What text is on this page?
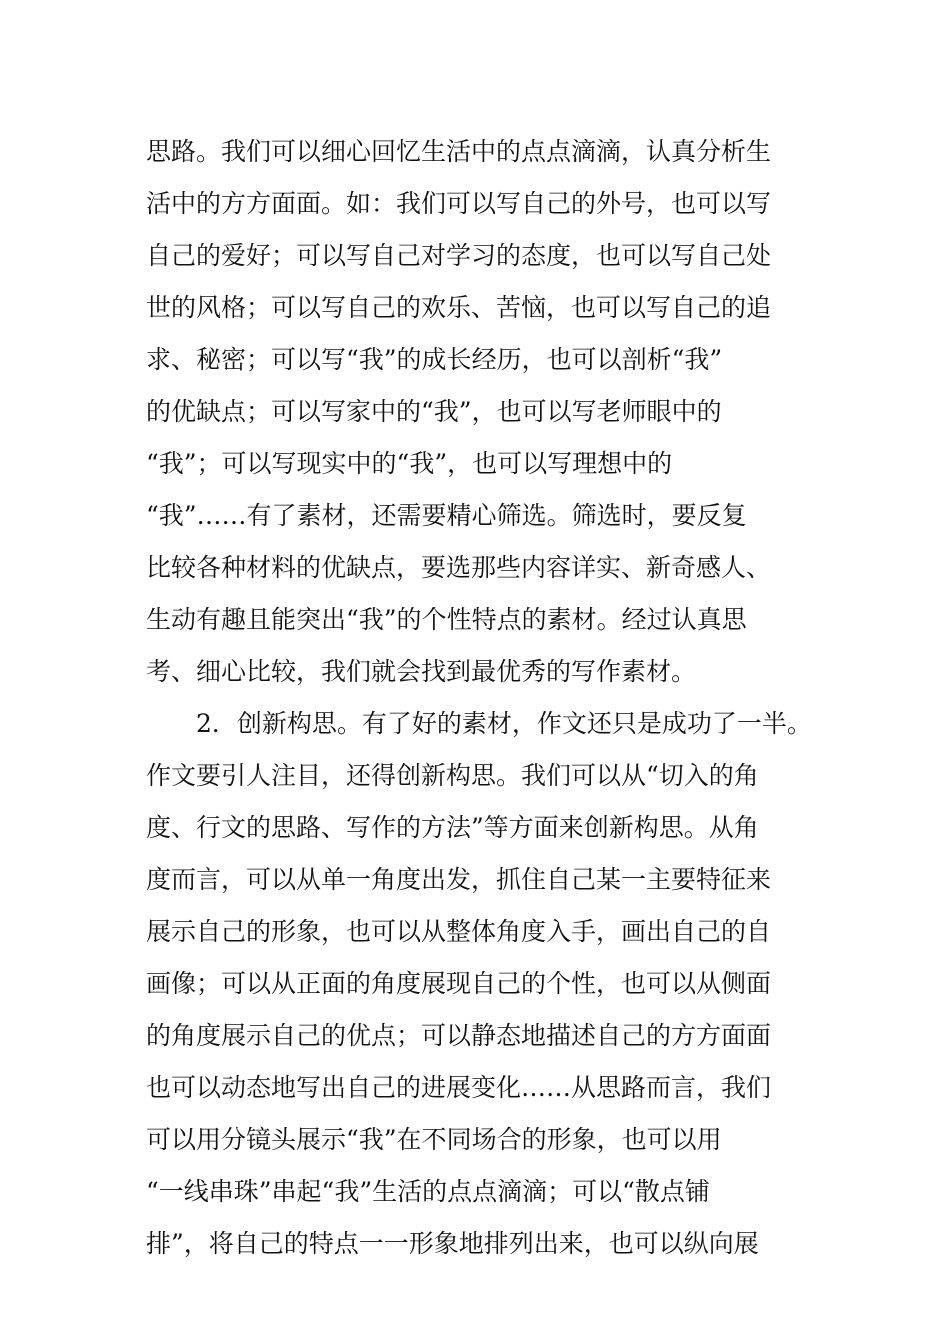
思路。我们可以细心回忆生活中的点点滴滴，认真分析生
活中的方方面面。如：我们可以写自己的外号，也可以写
自己的爱好；可以写自己对学习的态度，也可以写自己处
世的风格；可以写自己的欢乐、苦恼，也可以写自己的追
求、秘密；可以写“我”的成长经历，也可以剖析“我”
的优缺点；可以写家中的“我”，也可以写老师眼中的
“我”；可以写现实中的“我”，也可以写理想中的
“我”……有了素材，还需要精心筛选。筛选时，要反复
比较各种材料的优缺点，要选那些内容详实、新奇感人、
生动有趣且能突出“我”的个性特点的素材。经过认真思
考、细心比较，我们就会找到最优秀的写作素材。
2．创新构思。有了好的素材，作文还只是成功了一半。
作文要引人注目，还得创新构思。我们可以从“切入的角
度、行文的思路、写作的方法”等方面来创新构思。从角
度而言，可以从单一角度出发，抓住自己某一主要特征来
展示自己的形象，也可以从整体角度入手，画出自己的自
画像；可以从正面的角度展现自己的个性，也可以从侧面
的角度展示自己的优点；可以静态地描述自己的方方面面
也可以动态地写出自己的进展变化……从思路而言，我们
可以用分镜头展示“我”在不同场合的形象，也可以用
“一线串珠”串起“我”生活的点点滴滴；可以“散点铺
排”，将自己的特点一一形象地排列出来，也可以纵向展
